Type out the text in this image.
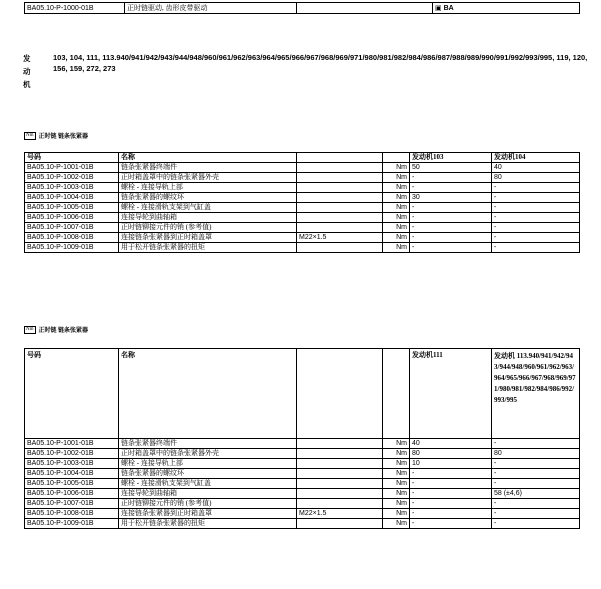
BA05.10-P-1000-01B	正时链驱动, 齿形皮带驱动		▣ BA
发动机
103, 104, 111, 113.940/941/942/943/944/948/960/961/962/963/964/965/966/967/968/969/971/980/981/982/984/986/987/988/989/990/991/992/993/995, 119, 120, 156, 159, 272, 273
Nm 正时链 链条张紧器
号码	名称			发动机103	发动机104
BA05.10-P-1001-01B	链条张紧器终端件		Nm	50	40
BA05.10-P-1002-01B	正时箱盖罩中的链条张紧器外壳		Nm	-	80
BA05.10-P-1003-01B	螺栓 - 连接导轨上部		Nm	-	-
BA05.10-P-1004-01B	链条张紧器的螺纹环		Nm	30	-
BA05.10-P-1005-01B	螺栓 - 连接滑轨支架到气缸盖		Nm	-	-
BA05.10-P-1006-01B	连接导轮到曲轴箱		Nm	-	-
BA05.10-P-1007-01B	正时链铆接元件的销 (参考值)		Nm	-	-
BA05.10-P-1008-01B	连接链条张紧器到正时箱盖罩	M22×1.5	Nm	-	-
BA05.10-P-1009-01B	用于松开链条张紧器的扭矩		Nm	-	-
Nm 正时链 链条张紧器
号码	名称			发动机111	发动机 113.940/941/942/943/944/948/960/961/962/963/964/965/966/967/968/969/971/980/981/982/984/986/992/993/995
BA05.10-P-1001-01B	链条张紧器终端件		Nm	40	-
BA05.10-P-1002-01B	正时箱盖罩中的链条张紧器外壳		Nm	80	80
BA05.10-P-1003-01B	螺栓 - 连接导轨上部		Nm	10	-
BA05.10-P-1004-01B	链条张紧器的螺纹环		Nm	-	-
BA05.10-P-1005-01B	螺栓 - 连接滑轨支架到气缸盖		Nm	-	-
BA05.10-P-1006-01B	连接导轮到曲轴箱		Nm	-	58 (±4,6)
BA05.10-P-1007-01B	正时链铆接元件的销 (参考值)		Nm	-	-
BA05.10-P-1008-01B	连接链条张紧器到正时箱盖罩	M22×1.5	Nm	-	-
BA05.10-P-1009-01B	用于松开链条张紧器的扭矩		Nm	-	-
